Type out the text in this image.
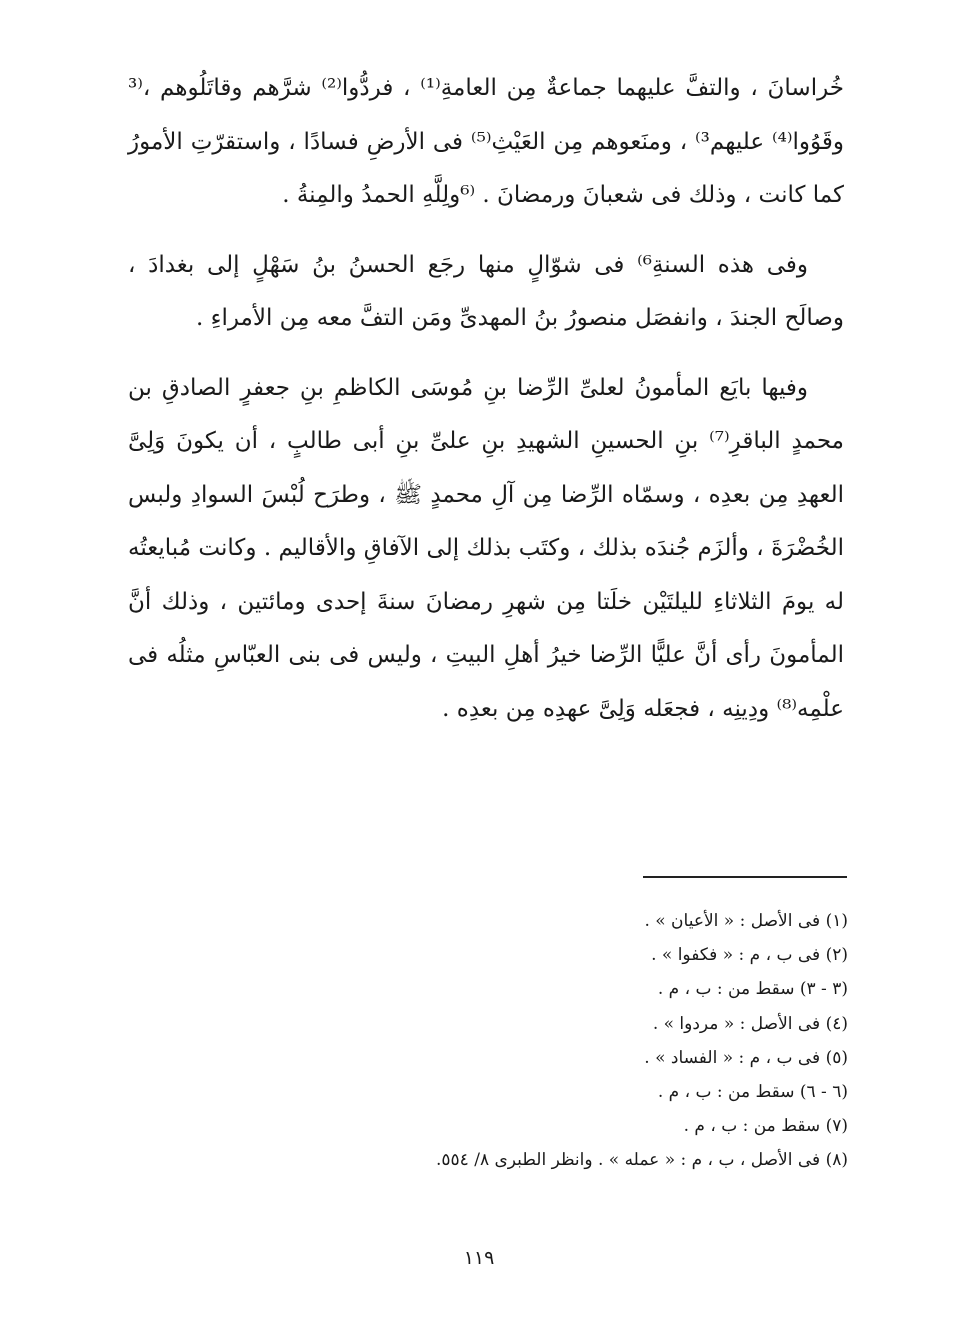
خُراسانَ ، والتفَّ عليهما جماعةٌ مِن العامةِ⁽¹⁾ ، فردُّوا⁽²⁾ شرَّهم وقاتَلُوهم ،⁽³ وقَوُوا⁽⁴⁾ عليهم³⁾ ، ومنَعوهم مِن العَيْثِ⁽⁵⁾ فى الأرضِ فسادًا ، واستقرّتِ الأمورُ كما كانت ، وذلك فى شعبانَ ورمضانَ . ⁽⁶ولِلَّهِ الحمدُ والمِنةُ .

وفى هذه السنةِ⁶⁾ فى شوّالٍ منها رجَع الحسنُ بنُ سَهْلٍ إلى بغدادَ ، وصالَح الجندَ ، وانفصَل منصورُ بنُ المهدىِّ ومَن التفَّ معه مِن الأمراءِ .

وفيها بايَع المأمونُ لعلىِّ الرِّضا بنِ مُوسَى الكاظمِ بنِ جعفرٍ الصادقِ بن محمدٍ الباقرِ⁽⁷⁾ بنِ الحسينِ الشهيدِ بنِ علىِّ بنِ أبى طالبٍ ، أن يكونَ وَلِىَّ العهدِ مِن بعدِه ، وسمّاه الرِّضا مِن آلِ محمدٍ ﷺ ، وطرَح لُبْسَ السوادِ ولبس الخُضْرَةَ ، وألزَم جُندَه بذلك ، وكتَب بذلك إلى الآفاقِ والأقاليم . وكانت مُبايعتُه له يومَ الثلاثاءِ لليلتَيْن خلَتا مِن شهرِ رمضانَ سنةَ إحدى ومائتين ، وذلك أنَّ المأمونَ رأى أنَّ عليًّا الرِّضا خيرُ أهلِ البيتِ ، وليس فى بنى العبّاسِ مثلُه فى علْمِه⁽⁸⁾ ودِينِه ، فجعَله وَلِىَّ عهدِه مِن بعدِه .

(١) فى الأصل : « الأعيان » .
(٢) فى ب ، م : « فكفوا » .
(٣ - ٣) سقط من : ب ، م .
(٤) فى الأصل : « مردوا » .
(٥) فى ب ، م : « الفساد » .
(٦ - ٦) سقط من : ب ، م .
(٧) سقط من : ب ، م .
(٨) فى الأصل ، ب ، م : « عمله » . وانظر الطبرى ٨/ ٥٥٤.
١١٩
